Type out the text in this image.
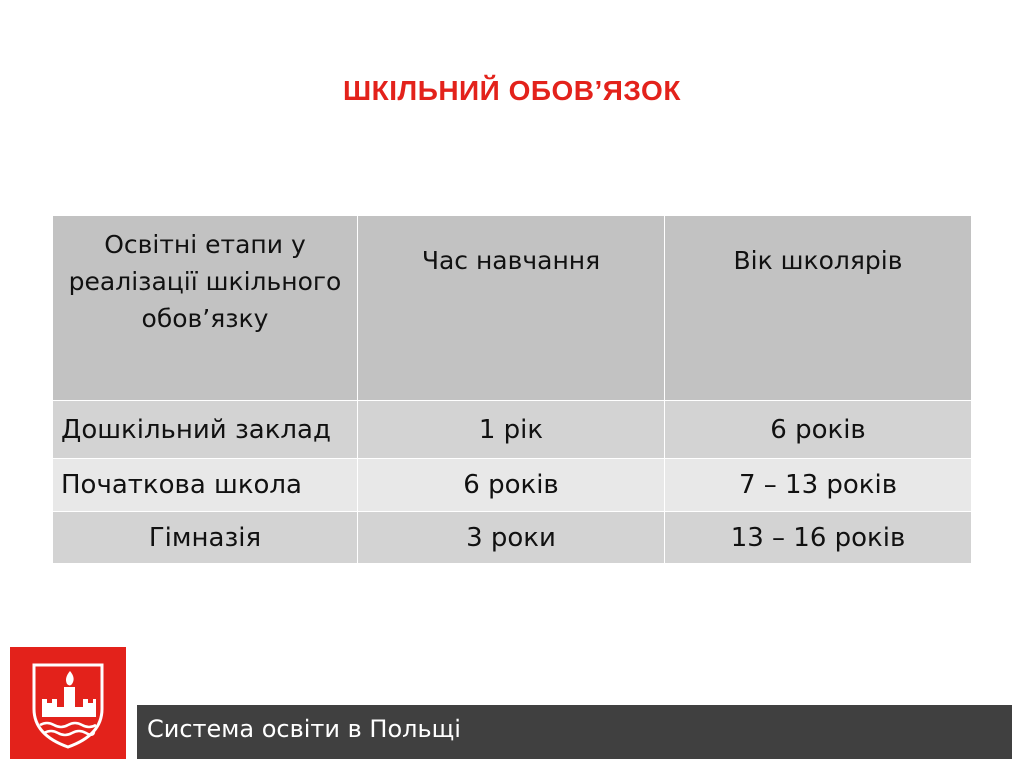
ШКІЛЬНИЙ ОБОВ’ЯЗОК
Освітні етапи у реалізації шкільного обов’язку	Час навчання	Вік школярів

Дошкільний заклад	1 рік	6 років
Початкова школа	6 років	7 – 13 років
Гімназія	3 роки	13 – 16 років
Система освіти в Польщі
